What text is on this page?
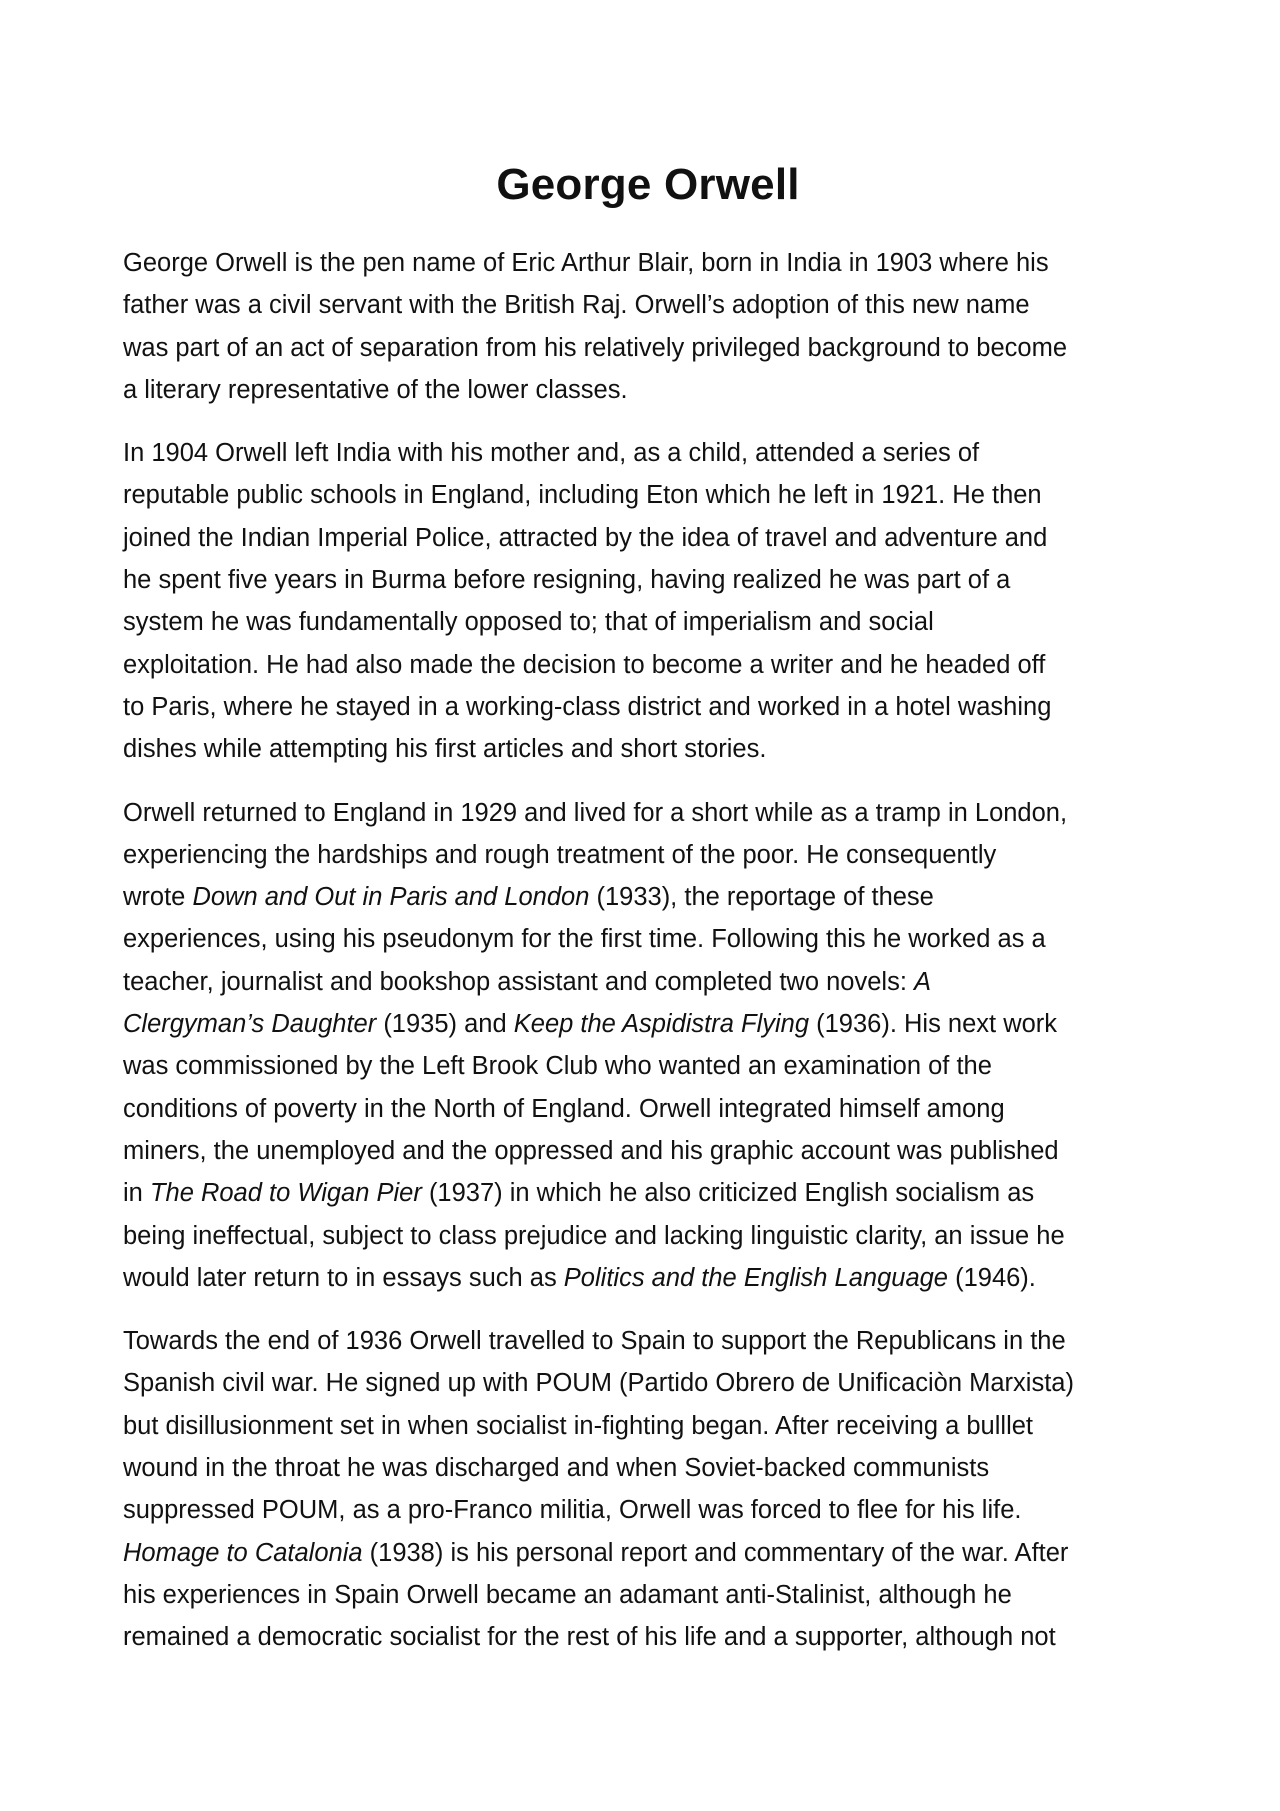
George Orwell

George Orwell is the pen name of Eric Arthur Blair, born in India in 1903 where his
father was a civil servant with the British Raj. Orwell’s adoption of this new name
was part of an act of separation from his relatively privileged background to become
a literary representative of the lower classes.

In 1904 Orwell left India with his mother and, as a child, attended a series of
reputable public schools in England, including Eton which he left in 1921. He then
joined the Indian Imperial Police, attracted by the idea of travel and adventure and
he spent five years in Burma before resigning, having realized he was part of a
system he was fundamentally opposed to; that of imperialism and social
exploitation. He had also made the decision to become a writer and he headed off
to Paris, where he stayed in a working-class district and worked in a hotel washing
dishes while attempting his first articles and short stories.

Orwell returned to England in 1929 and lived for a short while as a tramp in London,
experiencing the hardships and rough treatment of the poor. He consequently
wrote Down and Out in Paris and London (1933), the reportage of these
experiences, using his pseudonym for the first time. Following this he worked as a
teacher, journalist and bookshop assistant and completed two novels: A
Clergyman’s Daughter (1935) and Keep the Aspidistra Flying (1936). His next work
was commissioned by the Left Brook Club who wanted an examination of the
conditions of poverty in the North of England. Orwell integrated himself among
miners, the unemployed and the oppressed and his graphic account was published
in The Road to Wigan Pier (1937) in which he also criticized English socialism as
being ineffectual, subject to class prejudice and lacking linguistic clarity, an issue he
would later return to in essays such as Politics and the English Language (1946).

Towards the end of 1936 Orwell travelled to Spain to support the Republicans in the
Spanish civil war. He signed up with POUM (Partido Obrero de Unificaciòn Marxista)
but disillusionment set in when socialist in-fighting began. After receiving a bulllet
wound in the throat he was discharged and when Soviet-backed communists
suppressed POUM, as a pro-Franco militia, Orwell was forced to flee for his life.
Homage to Catalonia (1938) is his personal report and commentary of the war. After
his experiences in Spain Orwell became an adamant anti-Stalinist, although he
remained a democratic socialist for the rest of his life and a supporter, although not
